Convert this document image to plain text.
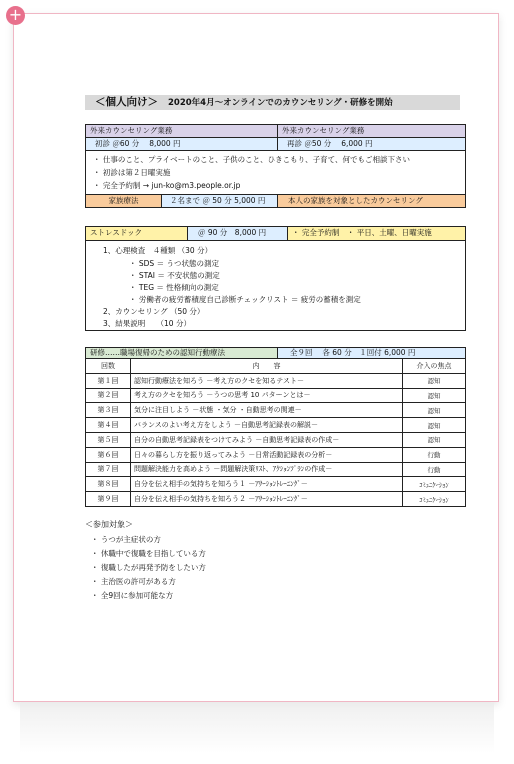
+
＜個人向け＞ 2020年4月～オンラインでのカウンセリング・研修を開始
外来カウンセリング業務	外来カウンセリング業務
初診 ＠60 分　 8,000 円	再診 ＠50 分　 6,000 円
・ 仕事のこと、プライベートのこと、子供のこと、ひきこもり、子育て、何でもご相談下さい
・ 初診は第２日曜実施
・ 完全予約制 → jun-ko@m3.people.or.jp
家族療法	２名まで ＠ 50 分 5,000 円	本人の家族を対象としたカウンセリング
ストレスドック	＠ 90 分　8,000 円	・ 完全予約制　・ 平日、土曜、日曜実施
1、心理検査　４種類 （30 分）
・ SDS ＝ うつ状態の測定
・ STAI ＝ 不安状態の測定
・ TEG ＝ 性格傾向の測定
・ 労働者の疲労蓄積度自己診断チェックリスト ＝ 疲労の蓄積を測定
2、カウンセリング （50 分）
3、結果説明　　（10 分）
研修……職場復帰のための認知行動療法	全９回　 各 60 分　１回付 6,000 円
回数	内　　容	介入の焦点
第１回	認知行動療法を知ろう －考え方のクセを知るテスト－	認知
第２回	考え方のクセを知ろう －うつの思考 10 パターンとは－	認知
第３回	気分に注目しよう －状態 ・気分 ・自動思考の関連－	認知
第４回	バランスのよい考え方をしよう －自動思考記録表の解説－	認知
第５回	自分の自動思考記録表をつけてみよう －自動思考記録表の作成－	認知
第６回	日々の暮らし方を振り返ってみよう －日常活動記録表の分析－	行動
第７回	問題解決能力を高めよう －問題解決策ﾘｽﾄ、ｱｸｼｮﾝﾌﾟﾗﾝの作成－	行動
第８回	自分を伝え相手の気持ちを知ろう１ －ｱｻｰｼｮﾝﾄﾚｰﾆﾝｸﾞ－	ｺﾐｭﾆｹｰｼｮﾝ
第９回	自分を伝え相手の気持ちを知ろう２ －ｱｻｰｼｮﾝﾄﾚｰﾆﾝｸﾞ－	ｺﾐｭﾆｹｰｼｮﾝ
＜参加対象＞
・ うつが主症状の方
・ 休職中で復職を目指している方
・ 復職したが再発予防をしたい方
・ 主治医の許可がある方
・ 全9回に参加可能な方
